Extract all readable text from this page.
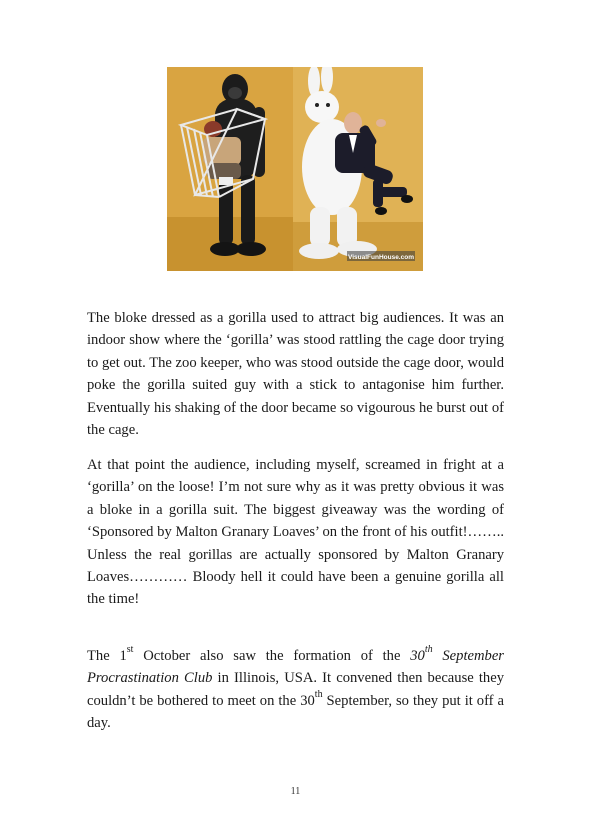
VisualFunHouse.com

The bloke dressed as a gorilla used to attract big audiences. It was an indoor show where the ‘gorilla’ was stood rattling the cage door trying to get out. The zoo keeper, who was stood outside the cage door, would poke the gorilla suited guy with a stick to antagonise him further. Eventually his shaking of the door became so vigourous he burst out of the cage.

At that point the audience, including myself, screamed in fright at a ‘gorilla’ on the loose! I’m not sure why as it was pretty obvious it was a bloke in a gorilla suit. The biggest giveaway was the wording of ‘Sponsored by Malton Granary Loaves’ on the front of his outfit!…….. Unless the real gorillas are actually sponsored by Malton Granary Loaves………… Bloody hell it could have been a genuine gorilla all the time!

The 1st October also saw the formation of the 30th September Procrastination Club in Illinois, USA. It convened then because they couldn’t be bothered to meet on the 30th September, so they put it off a day.

11
